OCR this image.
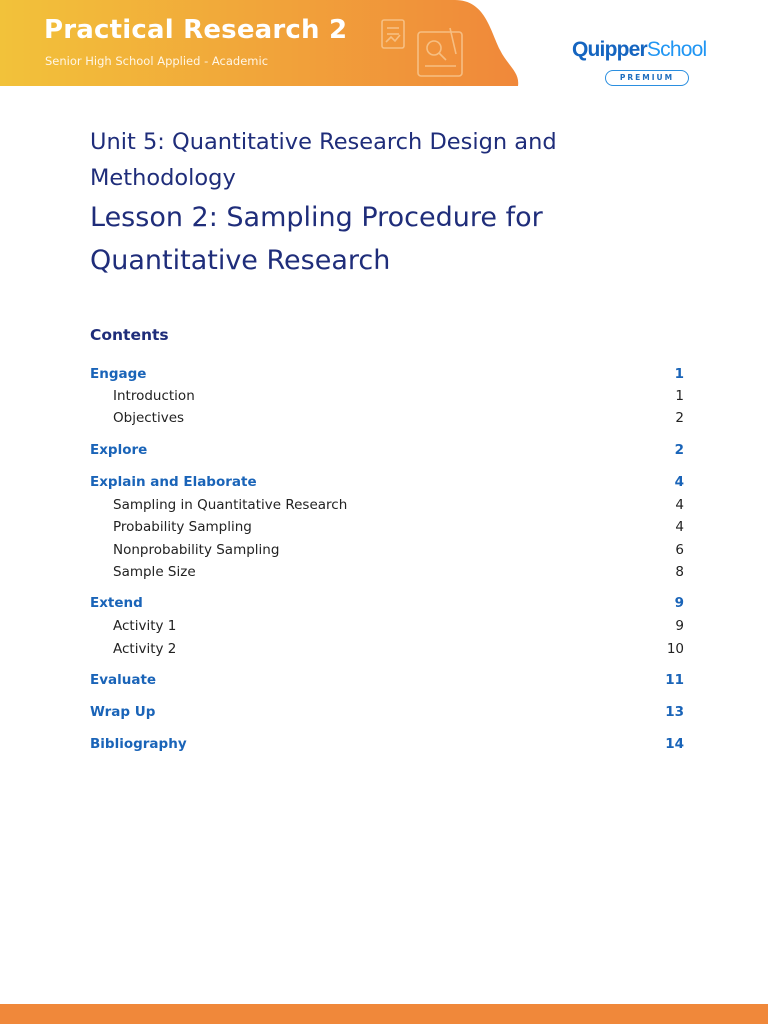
Practical Research 2
Senior High School Applied - Academic	QuipperSchool
PREMIUM
Unit 5: Quantitative Research Design and Methodology
Lesson 2: Sampling Procedure for Quantitative Research
Contents
Engage	1
Introduction	1
Objectives	2
Explore	2
Explain and Elaborate	4
Sampling in Quantitative Research	4
Probability Sampling	4
Nonprobability Sampling	6
Sample Size	8
Extend	9
Activity 1	9
Activity 2	10
Evaluate	11
Wrap Up	13
Bibliography	14
